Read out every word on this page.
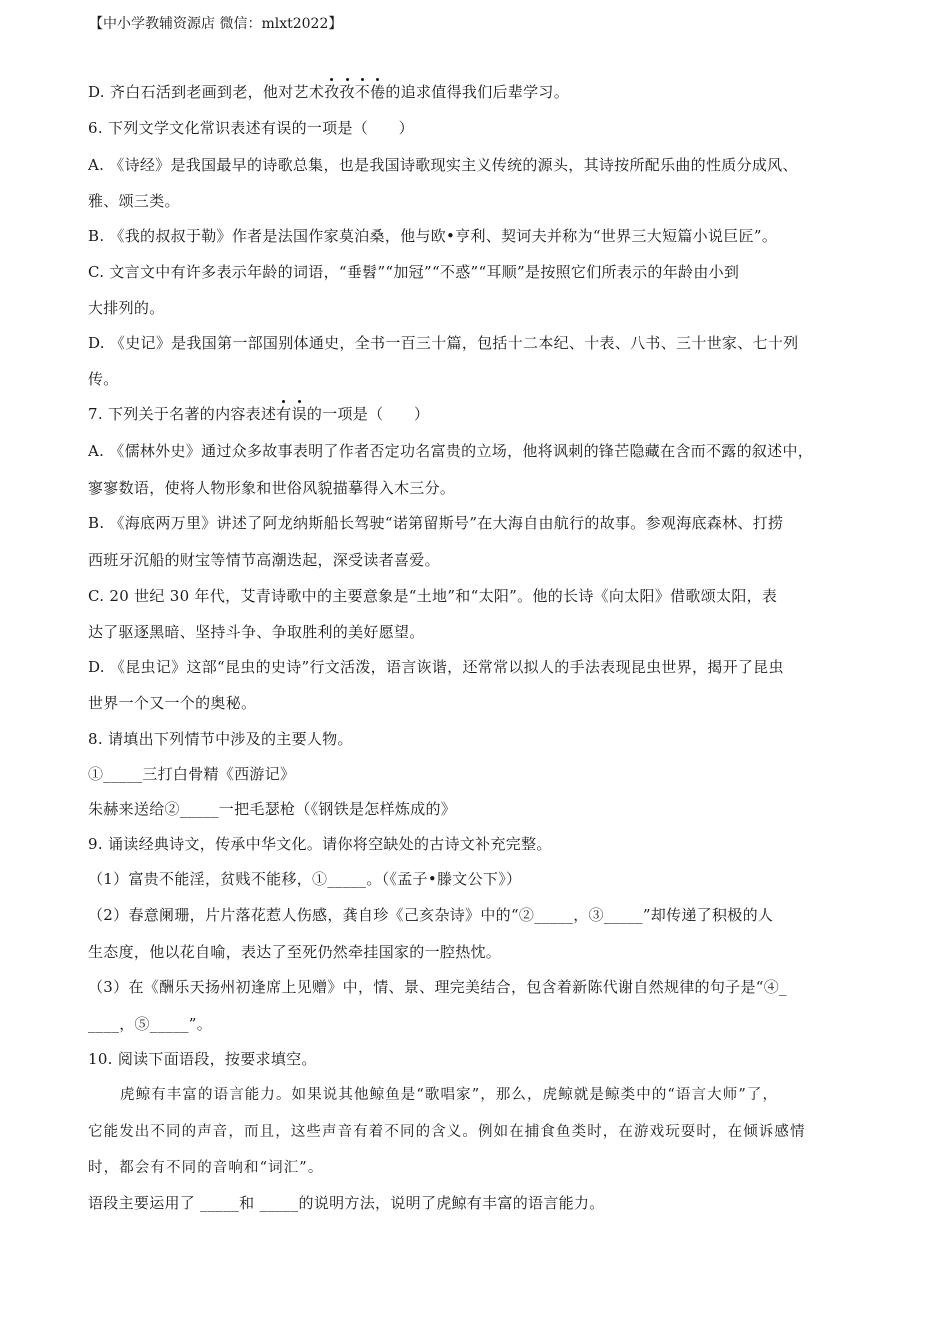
【中小学教辅资源店 微信：mlxt2022】
D. 齐白石活到老画到老，他对艺术孜孜不倦的追求值得我们后辈学习。
6. 下列文学文化常识表述有误的一项是（　　）
A. 《诗经》是我国最早的诗歌总集，也是我国诗歌现实主义传统的源头，其诗按所配乐曲的性质分成风、
雅、颂三类。
B. 《我的叔叔于勒》作者是法国作家莫泊桑，他与欧•亨利、契诃夫并称为“世界三大短篇小说巨匠”。
C. 文言文中有许多表示年龄的词语，“垂髫”“加冠”“不惑”“耳顺”是按照它们所表示的年龄由小到
大排列的。
D. 《史记》是我国第一部国别体通史，全书一百三十篇，包括十二本纪、十表、八书、三十世家、七十列
传。
7. 下列关于名著的内容表述有误的一项是（　　）
A. 《儒林外史》通过众多故事表明了作者否定功名富贵的立场，他将讽刺的锋芒隐藏在含而不露的叙述中，
寥寥数语，使将人物形象和世俗风貌描摹得入木三分。
B. 《海底两万里》讲述了阿龙纳斯船长驾驶“诺第留斯号”在大海自由航行的故事。参观海底森林、打捞
西班牙沉船的财宝等情节高潮迭起，深受读者喜爱。
C. 20 世纪 30 年代，艾青诗歌中的主要意象是“土地”和“太阳”。他的长诗《向太阳》借歌颂太阳，表
达了驱逐黑暗、坚持斗争、争取胜利的美好愿望。
D. 《昆虫记》这部“昆虫的史诗”行文活泼，语言诙谐，还常常以拟人的手法表现昆虫世界，揭开了昆虫
世界一个又一个的奥秘。
8. 请填出下列情节中涉及的主要人物。
①_____三打白骨精《西游记》
朱赫来送给②_____一把毛瑟枪（《钢铁是怎样炼成的》
9. 诵读经典诗文，传承中华文化。请你将空缺处的古诗文补充完整。
（1）富贵不能淫，贫贱不能移，①_____。（《孟子•滕文公下》）
（2）春意阑珊，片片落花惹人伤感，龚自珍《己亥杂诗》中的“②_____，③_____”却传递了积极的人
生态度，他以花自喻，表达了至死仍然牵挂国家的一腔热忱。
（3）在《酬乐天扬州初逢席上见赠》中，情、景、理完美结合，包含着新陈代谢自然规律的句子是“④_
____，⑤_____”。
10. 阅读下面语段，按要求填空。
虎鲸有丰富的语言能力。如果说其他鲸鱼是“歌唱家”，那么，虎鲸就是鲸类中的“语言大师”了，
它能发出不同的声音，而且，这些声音有着不同的含义。例如在捕食鱼类时，在游戏玩耍时，在倾诉感情
时，都会有不同的音响和“词汇”。
语段主要运用了 _____和 _____的说明方法，说明了虎鲸有丰富的语言能力。
